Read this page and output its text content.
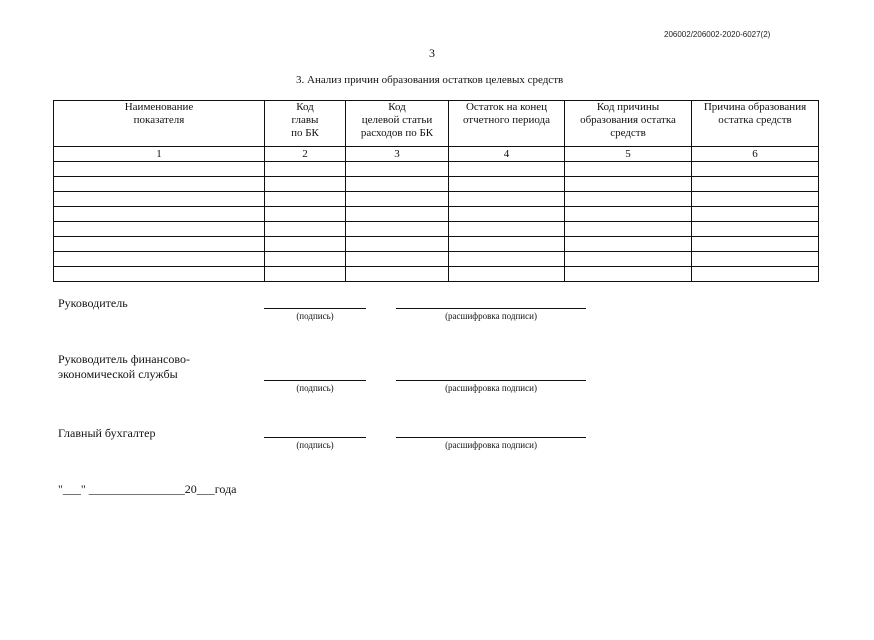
206002/206002-2020-6027(2)
3
3. Анализ причин образования остатков целевых средств
Наименование
показателя	Код
главы
по БК	Код
целевой статьи
расходов по БК	Остаток на конец
отчетного периода	Код причины
образования остатка
средств	Причина образования
остатка средств
1	2	3	4	5	6

Руководитель
(подпись)	(расшифровка подписи)
Руководитель финансово-
экономической службы
(подпись)	(расшифровка подписи)
Главный бухгалтер
(подпись)	(расшифровка подписи)
"___" ________________20___года
